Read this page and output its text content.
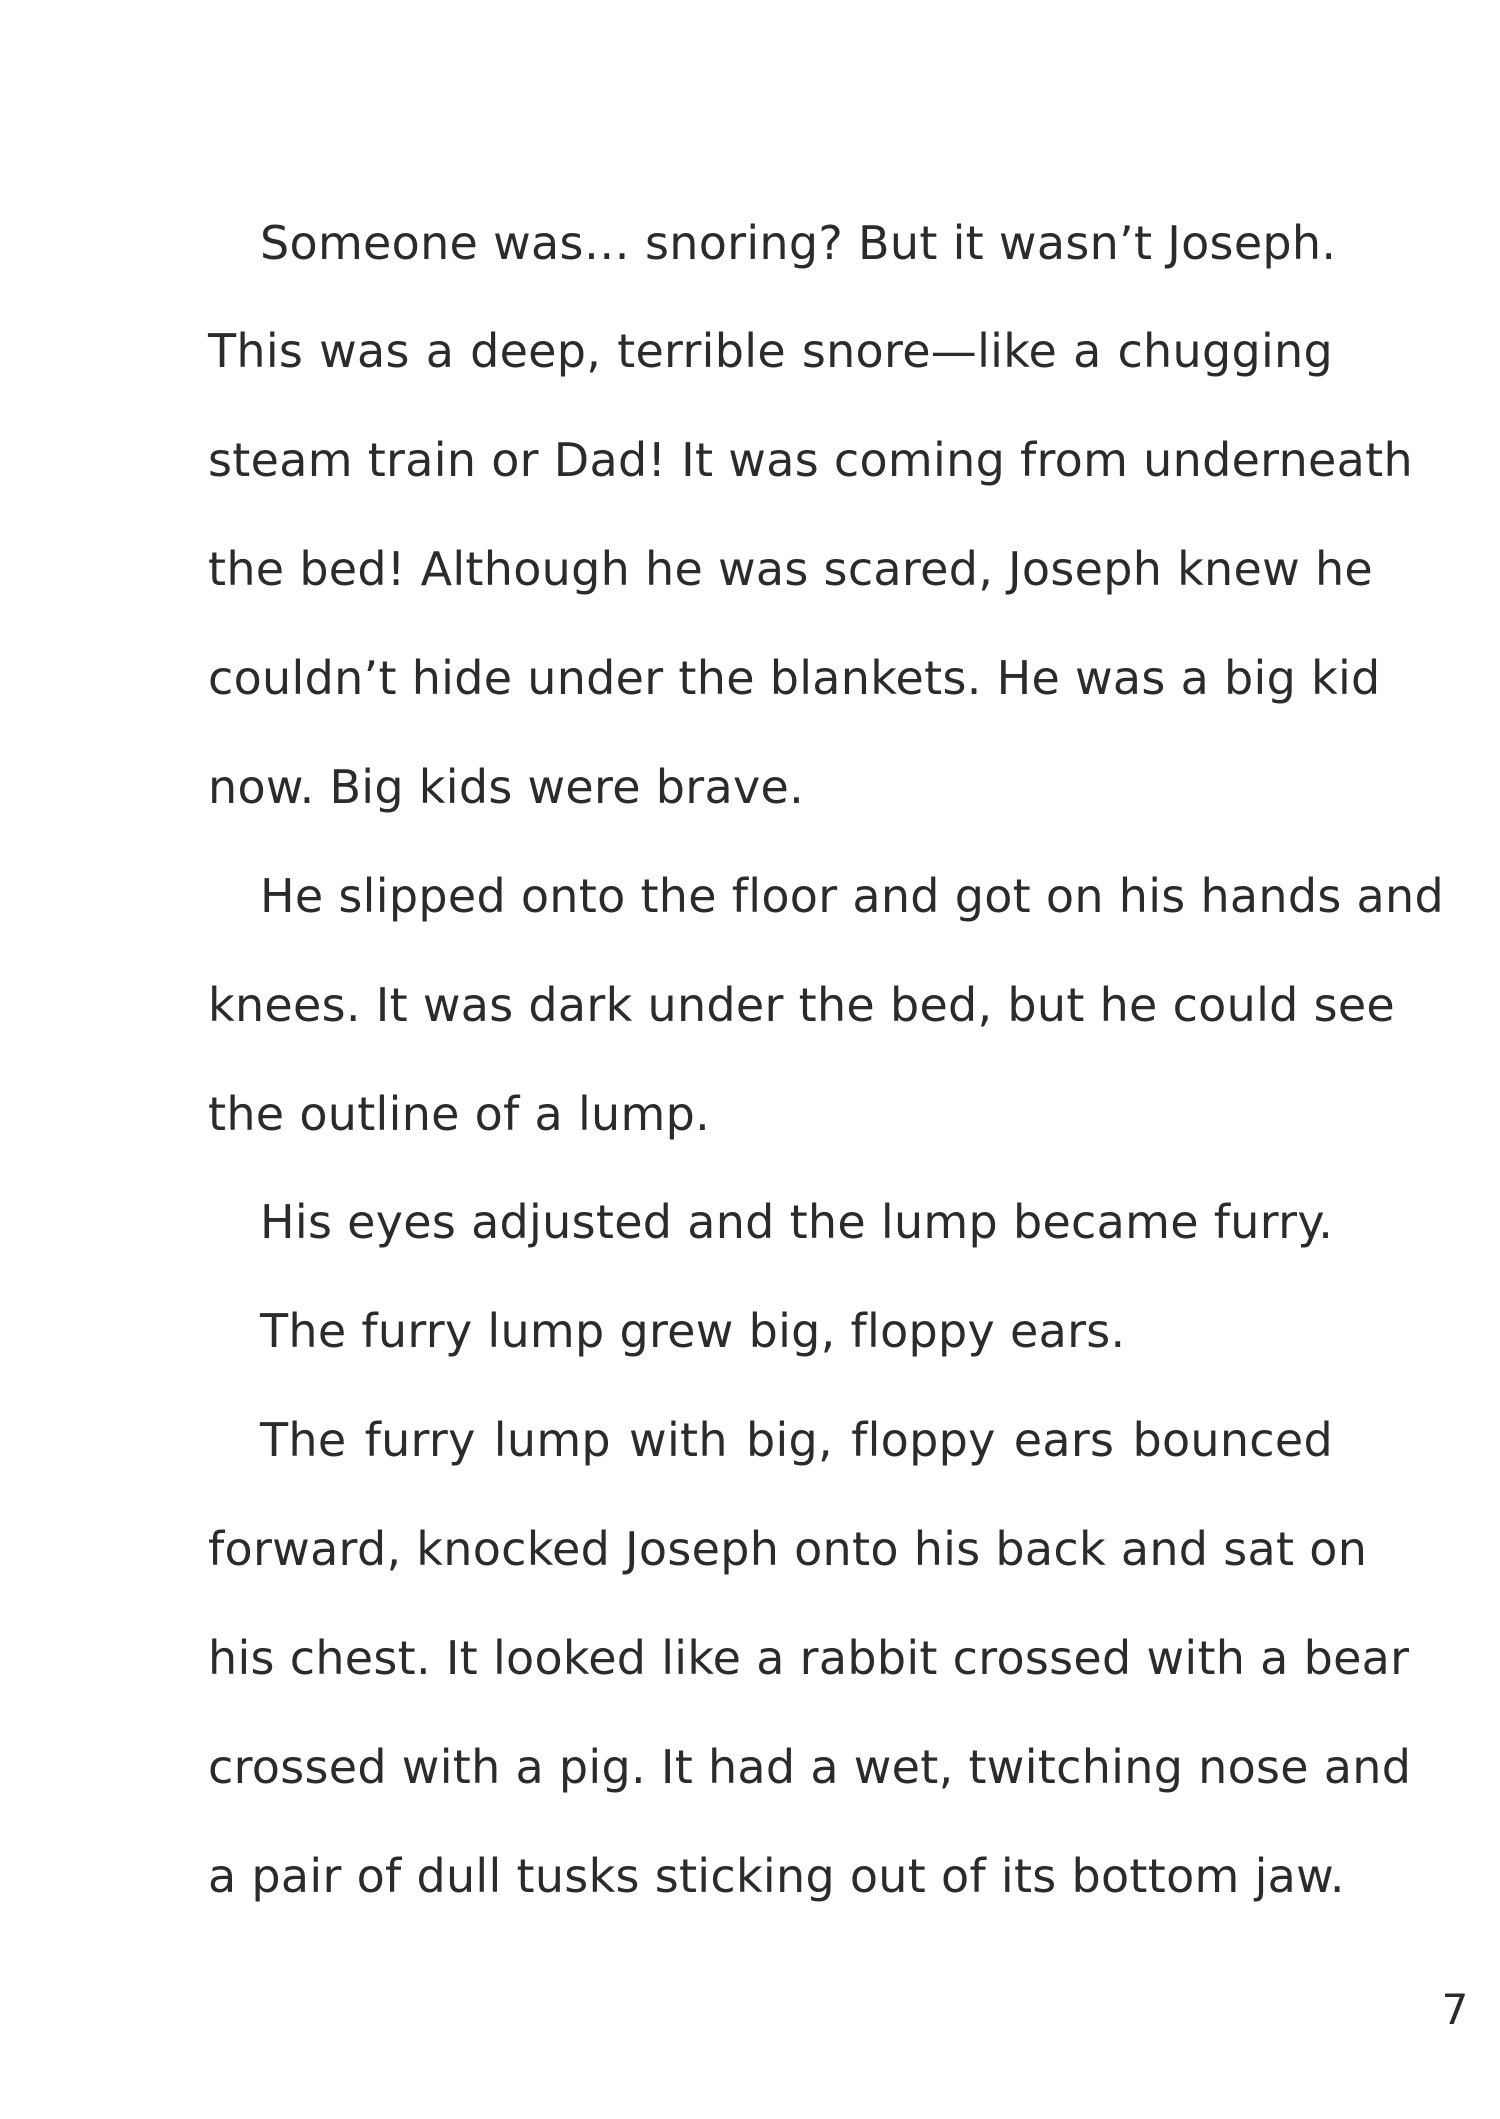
Someone was… snoring? But it wasn’t Joseph.
This was a deep, terrible snore—like a chugging
steam train or Dad! It was coming from underneath
the bed! Although he was scared, Joseph knew he
couldn’t hide under the blankets. He was a big kid
now. Big kids were brave.
He slipped onto the floor and got on his hands and
knees. It was dark under the bed, but he could see
the outline of a lump.
His eyes adjusted and the lump became furry.
The furry lump grew big, floppy ears.
The furry lump with big, floppy ears bounced
forward, knocked Joseph onto his back and sat on
his chest. It looked like a rabbit crossed with a bear
crossed with a pig. It had a wet, twitching nose and
a pair of dull tusks sticking out of its bottom jaw.
7
